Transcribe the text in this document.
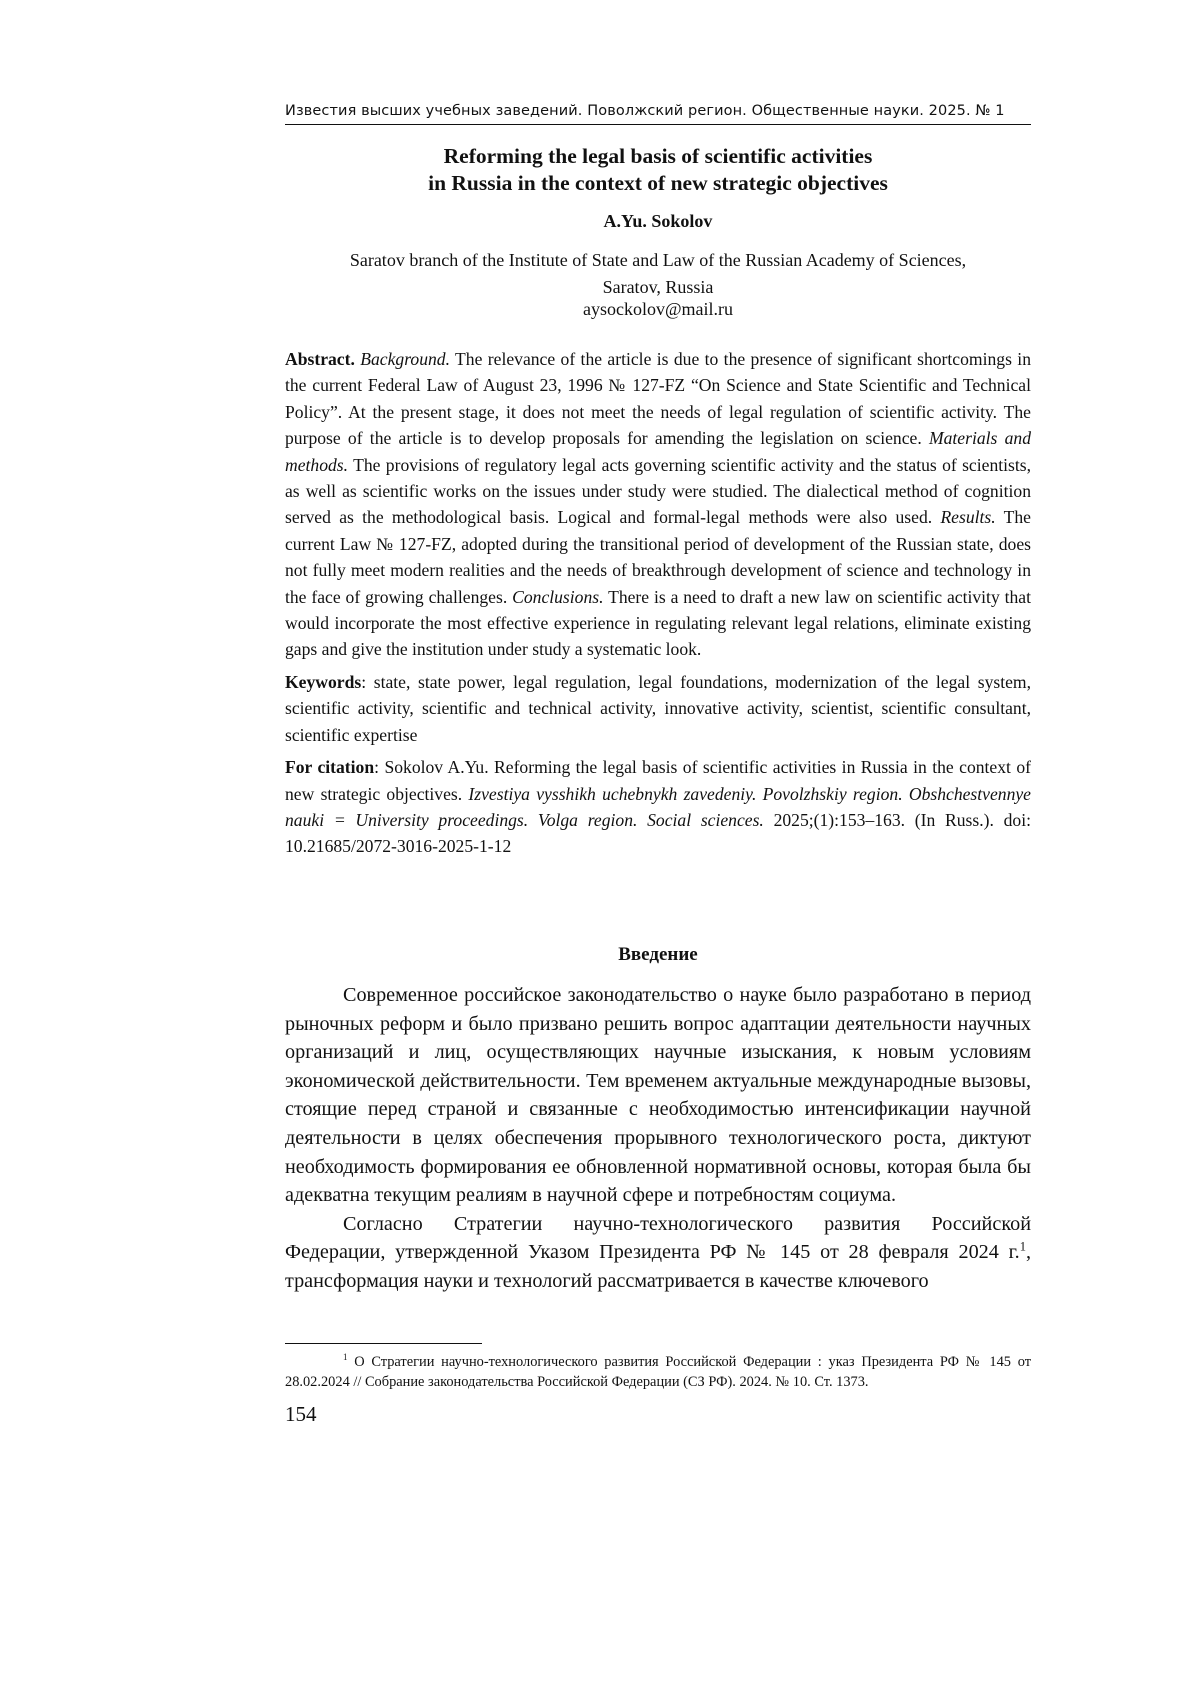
Известия высших учебных заведений. Поволжский регион. Общественные науки. 2025. № 1
Reforming the legal basis of scientific activities
in Russia in the context of new strategic objectives
A.Yu. Sokolov
Saratov branch of the Institute of State and Law of the Russian Academy of Sciences,
Saratov, Russia
aysockolov@mail.ru

Abstract. Background. The relevance of the article is due to the presence of significant shortcomings in the current Federal Law of August 23, 1996 № 127-FZ “On Science and State Scientific and Technical Policy”. At the present stage, it does not meet the needs of legal regulation of scientific activity. The purpose of the article is to develop proposals for amending the legislation on science. Materials and methods. The provisions of regulatory legal acts governing scientific activity and the status of scientists, as well as scientific works on the issues under study were studied. The dialectical method of cognition served as the methodological basis. Logical and formal-legal methods were also used. Results. The current Law № 127-FZ, adopted during the transitional period of development of the Russian state, does not fully meet modern realities and the needs of breakthrough development of science and technology in the face of growing challenges. Conclusions. There is a need to draft a new law on scientific activity that would incorporate the most effective experience in regulating relevant legal relations, eliminate existing gaps and give the institution under study a systematic look.

Keywords: state, state power, legal regulation, legal foundations, modernization of the legal system, scientific activity, scientific and technical activity, innovative activity, scientist, scientific consultant, scientific expertise

For citation: Sokolov A.Yu. Reforming the legal basis of scientific activities in Russia in the context of new strategic objectives. Izvestiya vysshikh uchebnykh zavedeniy. Povolzhskiy region. Obshchestvennye nauki = University proceedings. Volga region. Social sciences. 2025;(1):153–163. (In Russ.). doi: 10.21685/2072-3016-2025-1-12

Введение

Современное российское законодательство о науке было разработано в период рыночных реформ и было призвано решить вопрос адаптации деятельности научных организаций и лиц, осуществляющих научные изыскания, к новым условиям экономической действительности. Тем временем актуальные международные вызовы, стоящие перед страной и связанные с необходимостью интенсификации научной деятельности в целях обеспечения прорывного технологического роста, диктуют необходимость формирования ее обновленной нормативной основы, которая была бы адекватна текущим реалиям в научной сфере и потребностям социума.

Согласно Стратегии научно-технологического развития Российской Федерации, утвержденной Указом Президента РФ № 145 от 28 февраля 2024 г.$^1$, трансформация науки и технологий рассматривается в качестве ключевого

$^1$ О Стратегии научно-технологического развития Российской Федерации : указ Президента РФ № 145 от 28.02.2024 // Собрание законодательства Российской Федерации (СЗ РФ). 2024. № 10. Ст. 1373.
154
